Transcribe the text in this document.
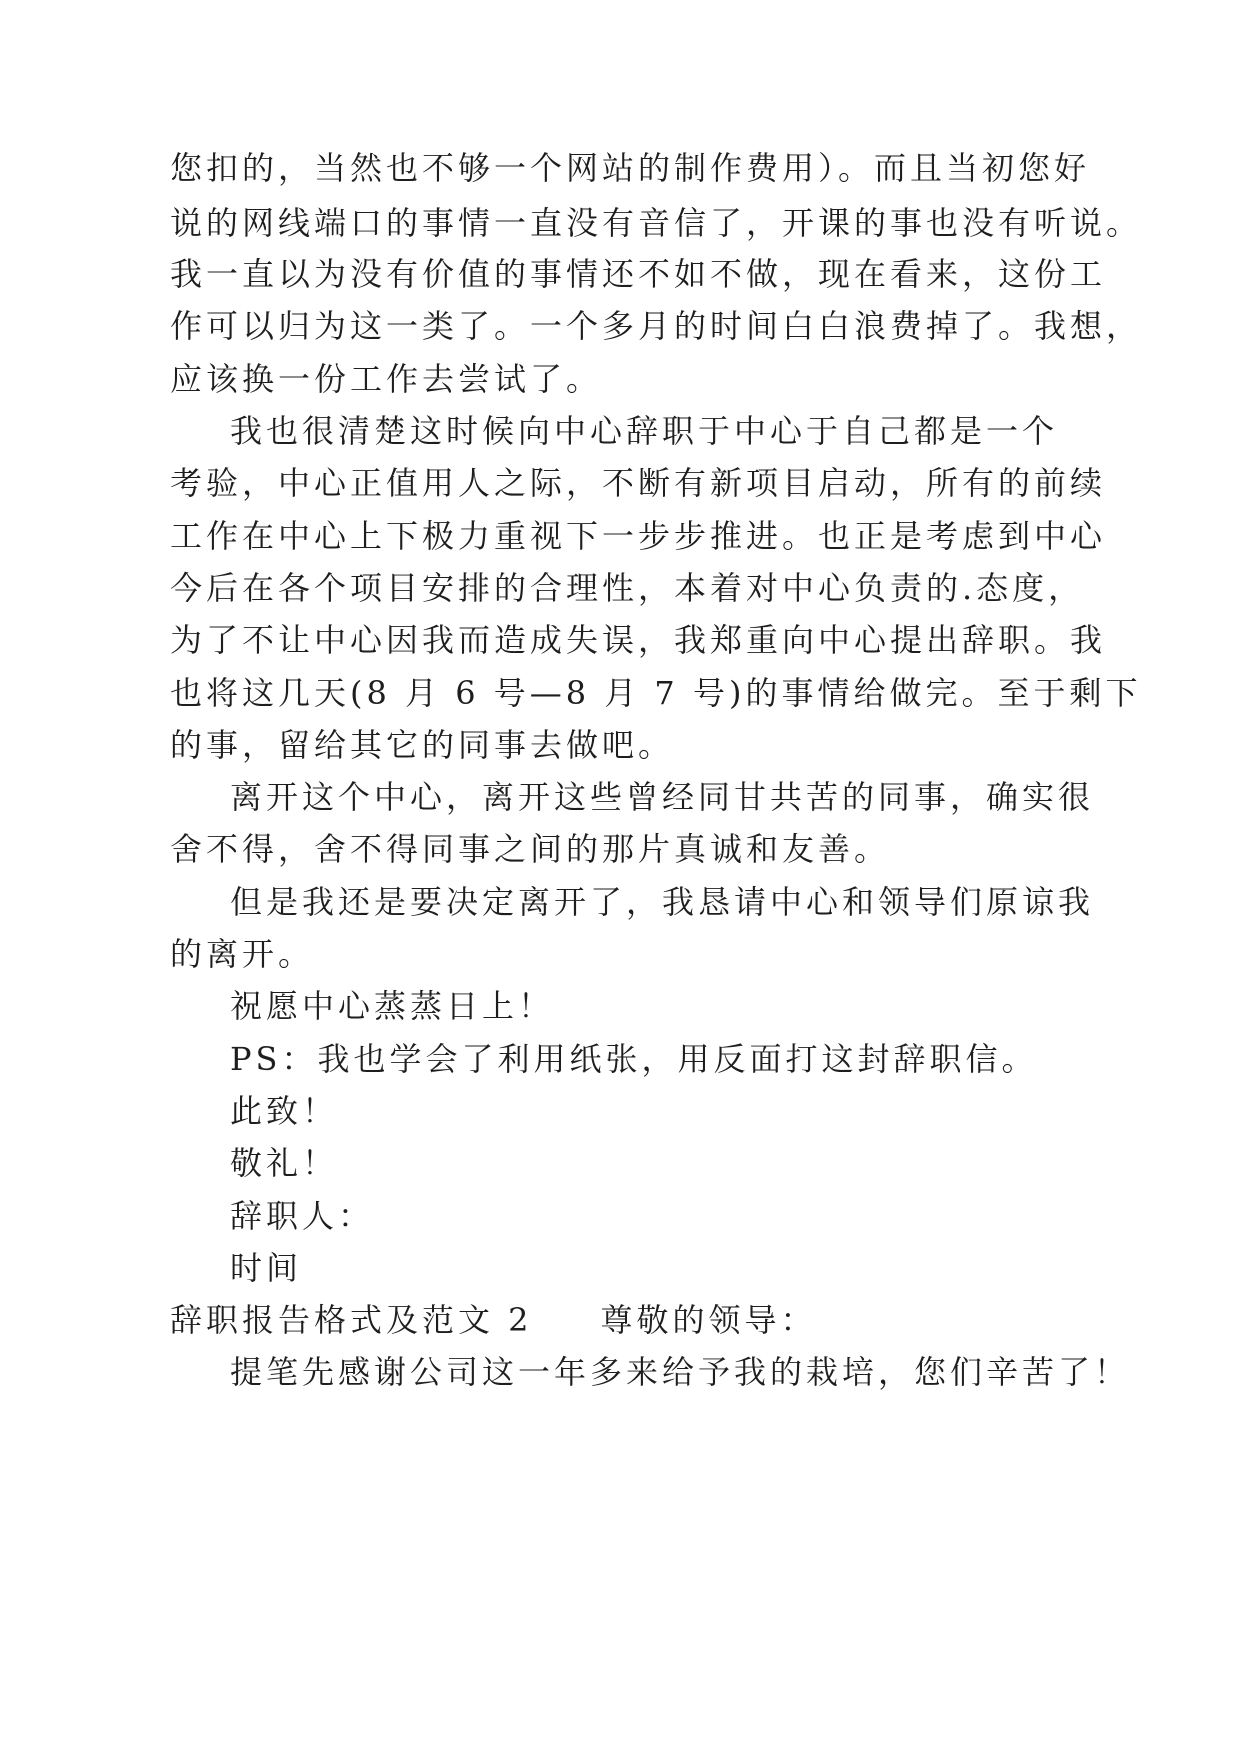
您扣的，当然也不够一个网站的制作费用）。而且当初您好

说的网线端口的事情一直没有音信了，开课的事也没有听说。

我一直以为没有价值的事情还不如不做，现在看来，这份工

作可以归为这一类了。一个多月的时间白白浪费掉了。我想，

应该换一份工作去尝试了。

我也很清楚这时候向中心辞职于中心于自己都是一个

考验，中心正值用人之际，不断有新项目启动，所有的前续

工作在中心上下极力重视下一步步推进。也正是考虑到中心

今后在各个项目安排的合理性，本着对中心负责的.态度，

为了不让中心因我而造成失误，我郑重向中心提出辞职。我

也将这几天(8 月 6 号—8 月 7 号)的事情给做完。至于剩下

的事，留给其它的同事去做吧。

离开这个中心，离开这些曾经同甘共苦的同事，确实很

舍不得，舍不得同事之间的那片真诚和友善。

但是我还是要决定离开了，我恳请中心和领导们原谅我

的离开。

祝愿中心蒸蒸日上！

PS：我也学会了利用纸张，用反面打这封辞职信。

此致！

敬礼！

辞职人：

时间

辞职报告格式及范文 2 尊敬的领导：

提笔先感谢公司这一年多来给予我的栽培，您们辛苦了！
